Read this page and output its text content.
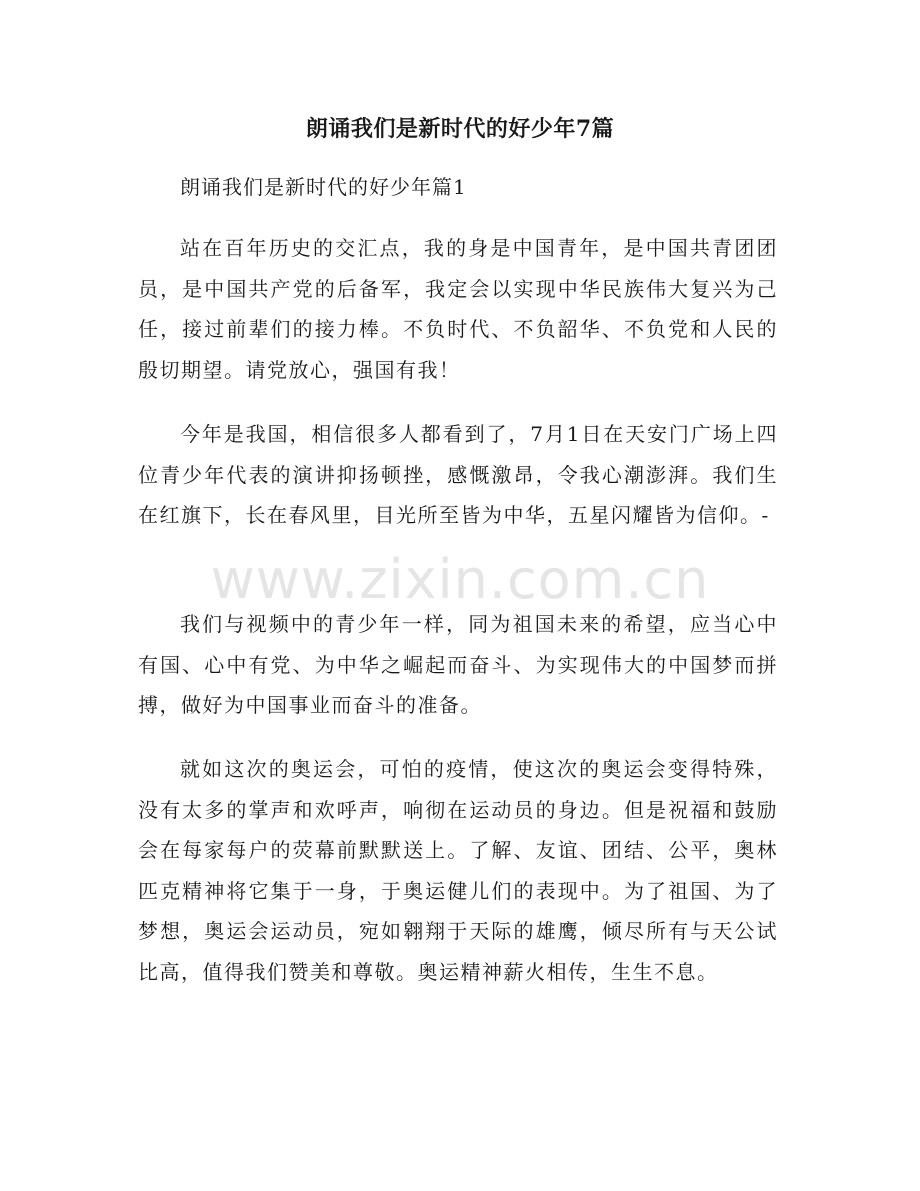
朗诵我们是新时代的好少年7篇
朗诵我们是新时代的好少年篇1

站在百年历史的交汇点，我的身是中国青年，是中国共青团团员，是中国共产党的后备军，我定会以实现中华民族伟大复兴为己任，接过前辈们的接力棒。不负时代、不负韶华、不负党和人民的殷切期望。请党放心，强国有我！

今年是我国，相信很多人都看到了，7月1日在天安门广场上四位青少年代表的演讲抑扬顿挫，感慨激昂，令我心潮澎湃。我们生在红旗下，长在春风里，目光所至皆为中华，五星闪耀皆为信仰。-

我们与视频中的青少年一样，同为祖国未来的希望，应当心中有国、心中有党、为中华之崛起而奋斗、为实现伟大的中国梦而拼搏，做好为中国事业而奋斗的准备。

就如这次的奥运会，可怕的疫情，使这次的奥运会变得特殊，没有太多的掌声和欢呼声，响彻在运动员的身边。但是祝福和鼓励会在每家每户的荧幕前默默送上。了解、友谊、团结、公平，奥林匹克精神将它集于一身，于奥运健儿们的表现中。为了祖国、为了梦想，奥运会运动员，宛如翱翔于天际的雄鹰，倾尽所有与天公试比高，值得我们赞美和尊敬。奥运精神薪火相传，生生不息。

www.zixin.com.cn
